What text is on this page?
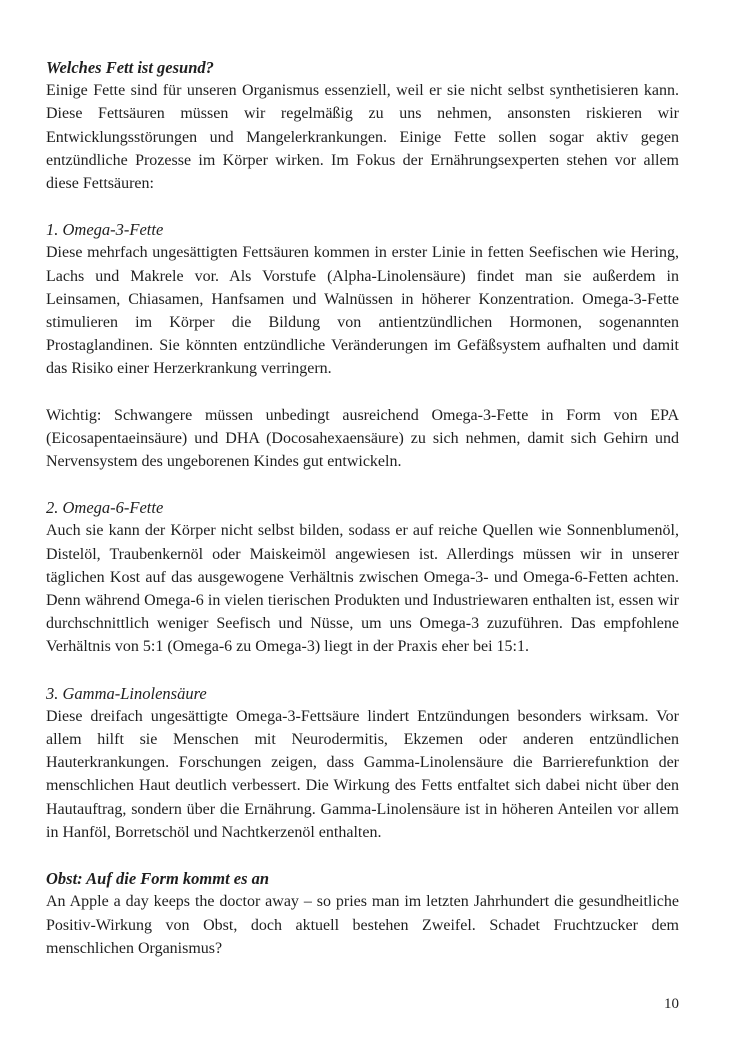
Welches Fett ist gesund?

Einige Fette sind für unseren Organismus essenziell, weil er sie nicht selbst synthetisieren kann. Diese Fettsäuren müssen wir regelmäßig zu uns nehmen, ansonsten riskieren wir Entwicklungsstörungen und Mangelerkrankungen. Einige Fette sollen sogar aktiv gegen entzündliche Prozesse im Körper wirken. Im Fokus der Ernährungsexperten stehen vor allem diese Fettsäuren:

1. Omega-3-Fette

Diese mehrfach ungesättigten Fettsäuren kommen in erster Linie in fetten Seefischen wie Hering, Lachs und Makrele vor. Als Vorstufe (Alpha-Linolensäure) findet man sie außerdem in Leinsamen, Chiasamen, Hanfsamen und Walnüssen in höherer Konzentration. Omega-3-Fette stimulieren im Körper die Bildung von antientzündlichen Hormonen, sogenannten Prostaglandinen. Sie könnten entzündliche Veränderungen im Gefäßsystem aufhalten und damit das Risiko einer Herzerkrankung verringern.

Wichtig: Schwangere müssen unbedingt ausreichend Omega-3-Fette in Form von EPA (Eicosapentaeinsäure) und DHA (Docosahexaensäure) zu sich nehmen, damit sich Gehirn und Nervensystem des ungeborenen Kindes gut entwickeln.

2. Omega-6-Fette

Auch sie kann der Körper nicht selbst bilden, sodass er auf reiche Quellen wie Sonnenblumenöl, Distelöl, Traubenkernöl oder Maiskeimöl angewiesen ist. Allerdings müssen wir in unserer täglichen Kost auf das ausgewogene Verhältnis zwischen Omega-3- und Omega-6-Fetten achten. Denn während Omega-6 in vielen tierischen Produkten und Industriewaren enthalten ist, essen wir durchschnittlich weniger Seefisch und Nüsse, um uns Omega-3 zuzuführen. Das empfohlene Verhältnis von 5:1 (Omega-6 zu Omega-3) liegt in der Praxis eher bei 15:1.

3. Gamma-Linolensäure

Diese dreifach ungesättigte Omega-3-Fettsäure lindert Entzündungen besonders wirksam. Vor allem hilft sie Menschen mit Neurodermitis, Ekzemen oder anderen entzündlichen Hauterkrankungen. Forschungen zeigen, dass Gamma-Linolensäure die Barrierefunktion der menschlichen Haut deutlich verbessert. Die Wirkung des Fetts entfaltet sich dabei nicht über den Hautauftrag, sondern über die Ernährung. Gamma-Linolensäure ist in höheren Anteilen vor allem in Hanföl, Borretschöl und Nachtkerzenöl enthalten.

Obst: Auf die Form kommt es an

An Apple a day keeps the doctor away – so pries man im letzten Jahrhundert die gesundheitliche Positiv-Wirkung von Obst, doch aktuell bestehen Zweifel. Schadet Fruchtzucker dem menschlichen Organismus?

10
